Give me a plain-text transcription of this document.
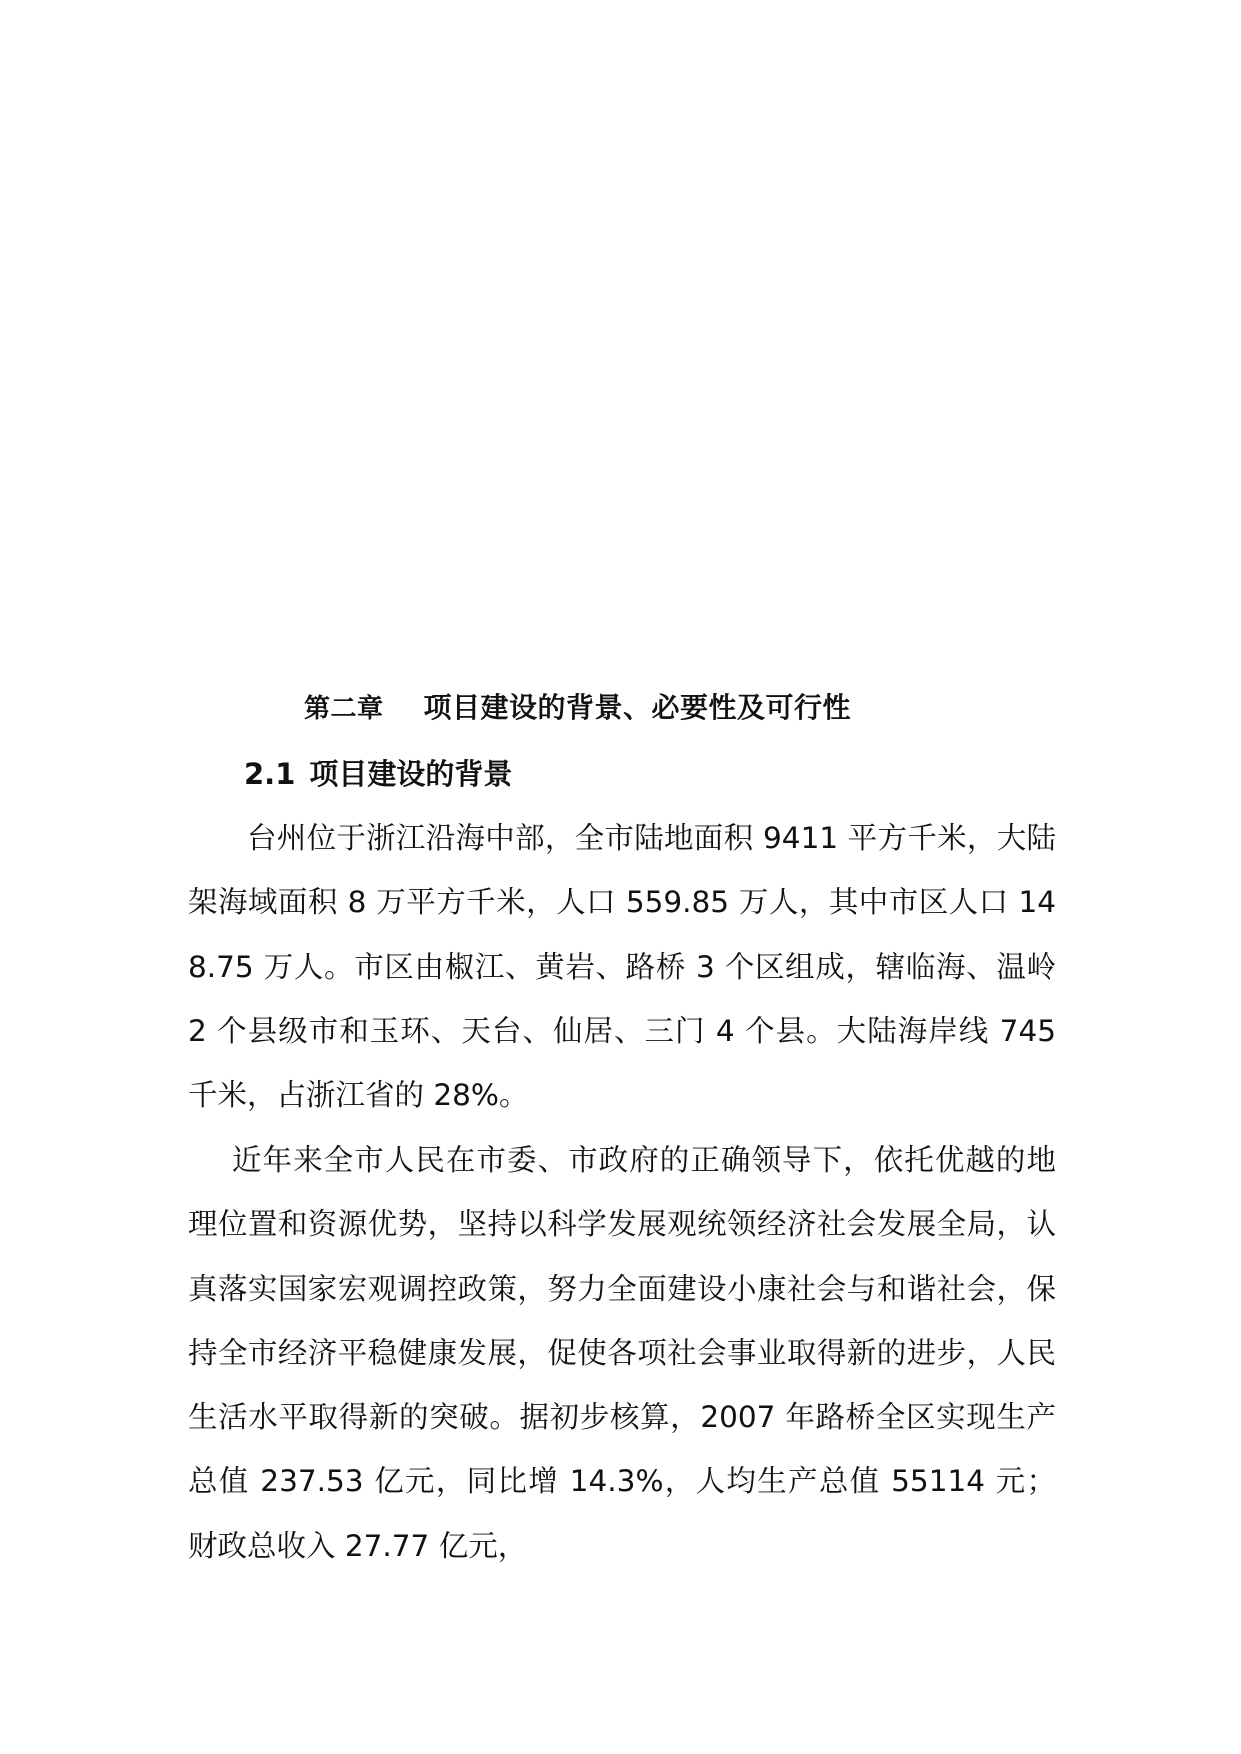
第二章 项目建设的背景、必要性及可行性
2.1 项目建设的背景

台州位于浙江沿海中部，全市陆地面积 9411 平方千米，大陆架海域面积 8 万平方千米，人口 559.85 万人，其中市区人口 148.75 万人。市区由椒江、黄岩、路桥 3 个区组成，辖临海、温岭 2 个县级市和玉环、天台、仙居、三门 4 个县。大陆海岸线 745 千米，占浙江省的 28%。

近年来全市人民在市委、市政府的正确领导下，依托优越的地理位置和资源优势，坚持以科学发展观统领经济社会发展全局，认真落实国家宏观调控政策，努力全面建设小康社会与和谐社会，保持全市经济平稳健康发展，促使各项社会事业取得新的进步，人民生活水平取得新的突破。据初步核算，2007 年路桥全区实现生产总值 237.53 亿元，同比增 14.3%，人均生产总值 55114 元；财政总收入 27.77 亿元，
